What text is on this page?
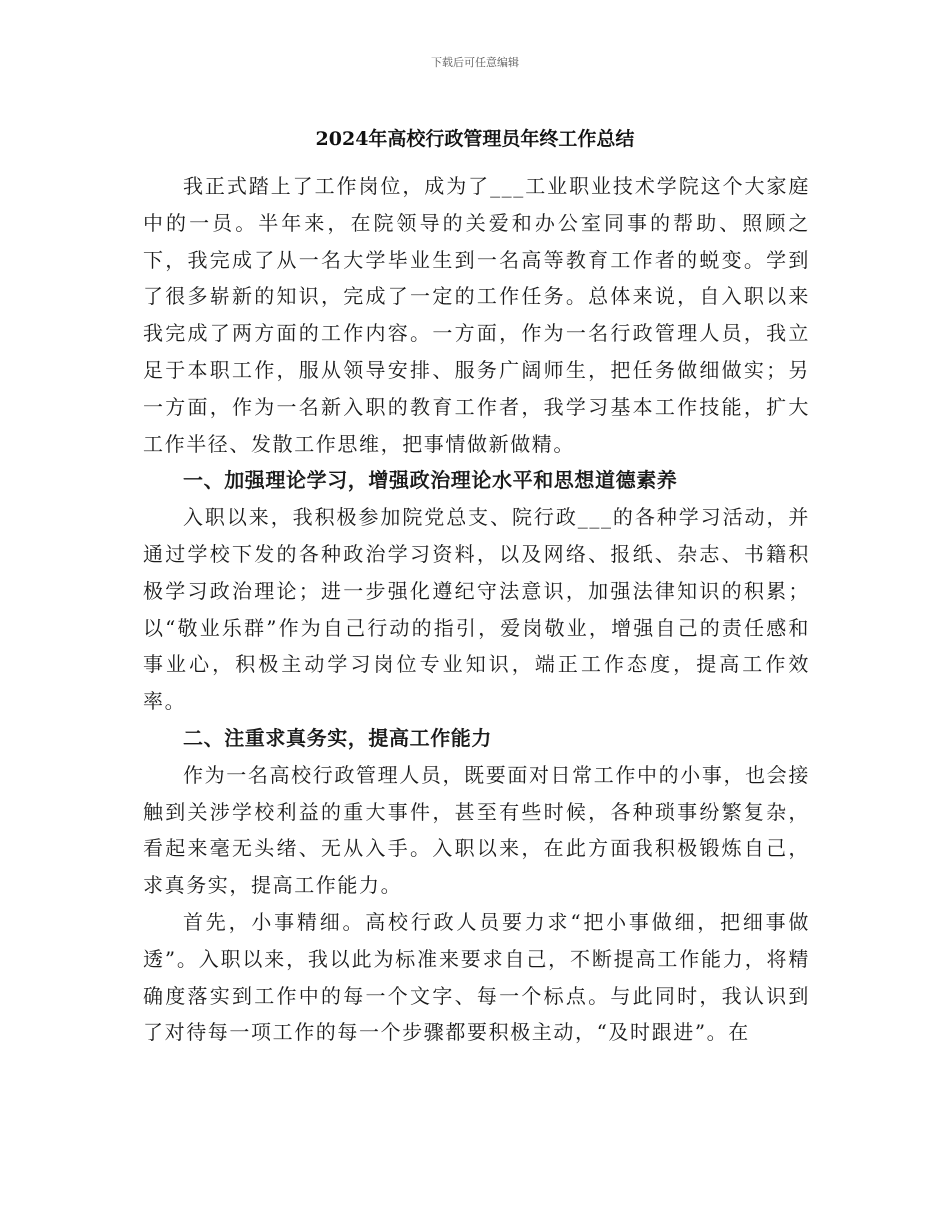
下载后可任意编辑
2024年高校行政管理员年终工作总结

我正式踏上了工作岗位，成为了___工业职业技术学院这个大家庭中的一员。半年来，在院领导的关爱和办公室同事的帮助、照顾之下，我完成了从一名大学毕业生到一名高等教育工作者的蜕变。学到了很多崭新的知识，完成了一定的工作任务。总体来说，自入职以来我完成了两方面的工作内容。一方面，作为一名行政管理人员，我立足于本职工作，服从领导安排、服务广阔师生，把任务做细做实；另一方面，作为一名新入职的教育工作者，我学习基本工作技能，扩大工作半径、发散工作思维，把事情做新做精。

一、加强理论学习，增强政治理论水平和思想道德素养

入职以来，我积极参加院党总支、院行政___的各种学习活动，并通过学校下发的各种政治学习资料，以及网络、报纸、杂志、书籍积极学习政治理论；进一步强化遵纪守法意识，加强法律知识的积累；以“敬业乐群”作为自己行动的指引，爱岗敬业，增强自己的责任感和事业心，积极主动学习岗位专业知识，端正工作态度，提高工作效率。

二、注重求真务实，提高工作能力

作为一名高校行政管理人员，既要面对日常工作中的小事，也会接触到关涉学校利益的重大事件，甚至有些时候，各种琐事纷繁复杂，看起来毫无头绪、无从入手。入职以来，在此方面我积极锻炼自己，求真务实，提高工作能力。

首先，小事精细。高校行政人员要力求“把小事做细，把细事做透”。入职以来，我以此为标准来要求自己，不断提高工作能力，将精确度落实到工作中的每一个文字、每一个标点。与此同时，我认识到了对待每一项工作的每一个步骤都要积极主动，“及时跟进”。在
